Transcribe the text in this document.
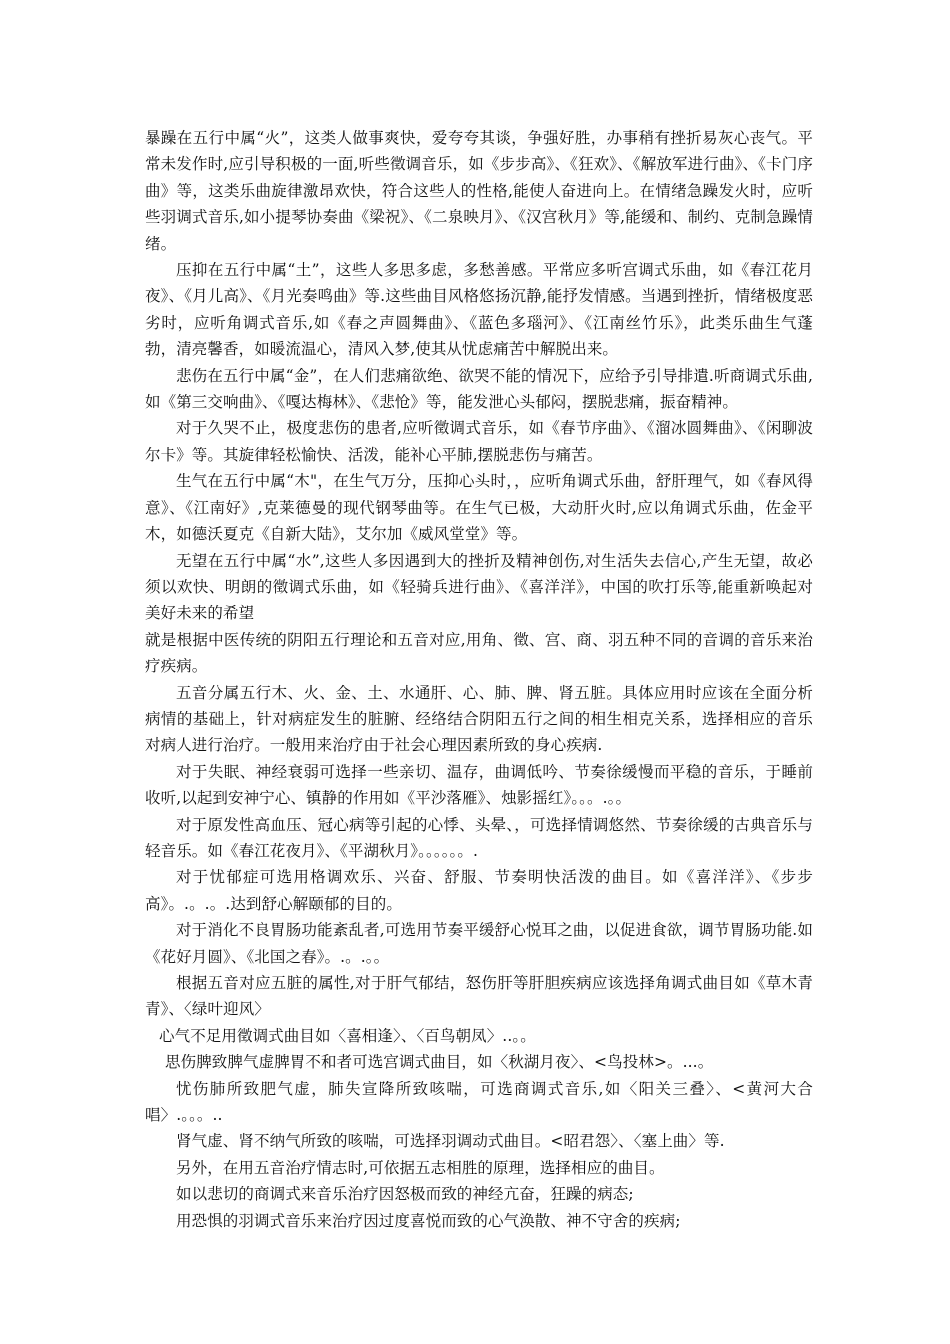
暴躁在五行中属“火”，这类人做事爽快，爱夸夸其谈，争强好胜，办事稍有挫折易灰心丧气。平常未发作时,应引导积极的一面,听些徵调音乐，如《步步高》、《狂欢》、《解放军进行曲》、《卡门序曲》等，这类乐曲旋律激昂欢快，符合这些人的性格,能使人奋进向上。在情绪急躁发火时，应听些羽调式音乐,如小提琴协奏曲《梁祝》、《二泉映月》、《汉宫秋月》等,能缓和、制约、克制急躁情绪。

压抑在五行中属“土”，这些人多思多虑，多愁善感。平常应多听宫调式乐曲，如《春江花月夜》、《月儿高》、《月光奏鸣曲》等.这些曲目风格悠扬沉静,能抒发情感。当遇到挫折，情绪极度恶劣时，应听角调式音乐,如《春之声圆舞曲》、《蓝色多瑙河》、《江南丝竹乐》，此类乐曲生气蓬勃，清亮馨香，如暖流温心，清风入梦,使其从忧虑痛苦中解脱出来。

悲伤在五行中属“金”，在人们悲痛欲绝、欲哭不能的情况下，应给予引导排遣.听商调式乐曲,如《第三交响曲》、《嘎达梅林》、《悲怆》等，能发泄心头郁闷，摆脱悲痛，振奋精神。

对于久哭不止，极度悲伤的患者,应听徵调式音乐，如《春节序曲》、《溜冰圆舞曲》、《闲聊波尔卡》等。其旋律轻松愉快、活泼，能补心平肺,摆脱悲伤与痛苦。

生气在五行中属“木"，在生气万分，压抑心头时，，应听角调式乐曲，舒肝理气，如《春风得意》、《江南好》,克莱德曼的现代钢琴曲等。在生气已极，大动肝火时,应以角调式乐曲，佐金平木，如德沃夏克《自新大陆》，艾尔加《威风堂堂》等。

无望在五行中属“水”,这些人多因遇到大的挫折及精神创伤,对生活失去信心,产生无望，故必须以欢快、明朗的徵调式乐曲，如《轻骑兵进行曲》、《喜洋洋》，中国的吹打乐等,能重新唤起对美好未来的希望

就是根据中医传统的阴阳五行理论和五音对应,用角、徵、宫、商、羽五种不同的音调的音乐来治疗疾病。

五音分属五行木、火、金、土、水通肝、心、肺、脾、肾五脏。具体应用时应该在全面分析病情的基础上，针对病症发生的脏腑、经络结合阴阳五行之间的相生相克关系，选择相应的音乐对病人进行治疗。一般用来治疗由于社会心理因素所致的身心疾病.

对于失眠、神经衰弱可选择一些亲切、温存，曲调低吟、节奏徐缓慢而平稳的音乐，于睡前收听,以起到安神宁心、镇静的作用如《平沙落雁》、烛影摇红》。。。.。。

对于原发性高血压、冠心病等引起的心悸、头晕、，可选择情调悠然、节奏徐缓的古典音乐与轻音乐。如《春江花夜月》、《平湖秋月》。。。。。。.

对于忧郁症可选用格调欢乐、兴奋、舒服、节奏明快活泼的曲目。如《喜洋洋》、《步步高》。.。.。.达到舒心解颐郁的目的。

对于消化不良胃肠功能紊乱者,可选用节奏平缓舒心悦耳之曲，以促进食欲，调节胃肠功能.如《花好月圆》、《北国之春》。.。.。。

根据五音对应五脏的属性,对于肝气郁结，怒伤肝等肝胆疾病应该选择角调式曲目如《草木青青》、〈绿叶迎风〉

心气不足用徵调式曲目如〈喜相逢〉、〈百鸟朝凤〉..。。

思伤脾致脾气虚脾胃不和者可选宫调式曲目，如〈秋湖月夜〉、<鸟投林>。...。

忧伤肺所致肥气虚，肺失宣降所致咳喘，可选商调式音乐,如〈阳关三叠〉、<黄河大合唱〉.。。。..

肾气虚、肾不纳气所致的咳喘，可选择羽调动式曲目。<昭君怨〉、〈塞上曲〉等.

另外，在用五音治疗情志时,可依据五志相胜的原理，选择相应的曲目。

如以悲切的商调式来音乐治疗因怒极而致的神经亢奋，狂躁的病态;

用恐惧的羽调式音乐来治疗因过度喜悦而致的心气涣散、神不守舍的疾病;
